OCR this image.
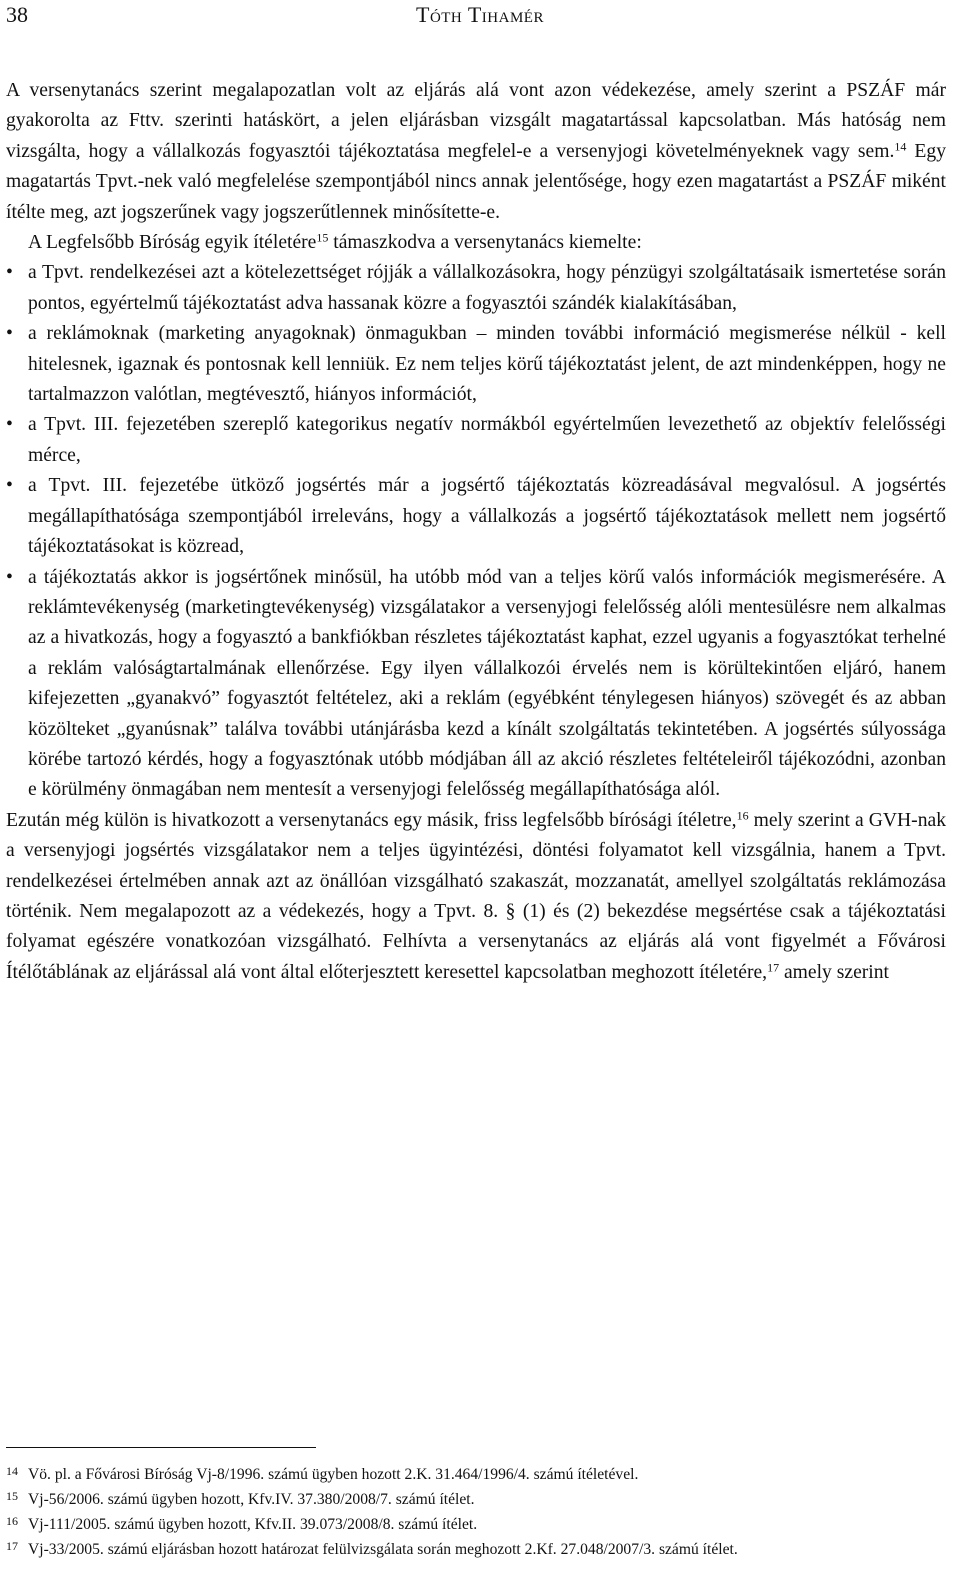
38	Tóth Tihamér

A versenytanács szerint megalapozatlan volt az eljárás alá vont azon védekezése, amely szerint a PSZÁF már gyakorolta az Fttv. szerinti hatáskört, a jelen eljárásban vizsgált magatartással kapcsolatban. Más hatóság nem vizsgálta, hogy a vállalkozás fogyasztói tájékoztatása megfelel-e a versenyjogi követelményeknek vagy sem.$^{14}$ Egy magatartás Tpvt.-nek való megfelelése szempontjából nincs annak jelentősége, hogy ezen magatartást a PSZÁF miként ítélte meg, azt jogszerűnek vagy jogszerűtlennek minősítette-e.

A Legfelsőbb Bíróság egyik ítéletére$^{15}$ támaszkodva a versenytanács kiemelte:

• a Tpvt. rendelkezései azt a kötelezettséget rójják a vállalkozásokra, hogy pénzügyi szolgáltatásaik ismertetése során pontos, egyértelmű tájékoztatást adva hassanak közre a fogyasztói szándék kialakításában,
• a reklámoknak (marketing anyagoknak) önmagukban – minden további információ megismerése nélkül - kell hitelesnek, igaznak és pontosnak kell lenniük. Ez nem teljes körű tájékoztatást jelent, de azt mindenképpen, hogy ne tartalmazzon valótlan, megtévesztő, hiányos információt,
• a Tpvt. III. fejezetében szereplő kategorikus negatív normákból egyértelműen levezethető az objektív felelősségi mérce,
• a Tpvt. III. fejezetébe ütköző jogsértés már a jogsértő tájékoztatás közreadásával megvalósul. A jogsértés megállapíthatósága szempontjából irreleváns, hogy a vállalkozás a jogsértő tájékoztatások mellett nem jogsértő tájékoztatásokat is közread,
• a tájékoztatás akkor is jogsértőnek minősül, ha utóbb mód van a teljes körű valós információk megismerésére. A reklámtevékenység (marketingtevékenység) vizsgálatakor a versenyjogi felelősség alóli mentesülésre nem alkalmas az a hivatkozás, hogy a fogyasztó a bankfiókban részletes tájékoztatást kaphat, ezzel ugyanis a fogyasztókat terhelné a reklám valóságtartalmának ellenőrzése. Egy ilyen vállalkozói érvelés nem is körültekintően eljáró, hanem kifejezetten „gyanakvó” fogyasztót feltételez, aki a reklám (egyébként ténylegesen hiányos) szövegét és az abban közölteket „gyanúsnak” találva további utánjárásba kezd a kínált szolgáltatás tekintetében. A jogsértés súlyossága körébe tartozó kérdés, hogy a fogyasztónak utóbb módjában áll az akció részletes feltételeiről tájékozódni, azonban e körülmény önmagában nem mentesít a versenyjogi felelősség megállapíthatósága alól.

Ezután még külön is hivatkozott a versenytanács egy másik, friss legfelsőbb bírósági ítéletre,$^{16}$ mely szerint a GVH-nak a versenyjogi jogsértés vizsgálatakor nem a teljes ügyintézési, döntési folyamatot kell vizsgálnia, hanem a Tpvt. rendelkezései értelmében annak azt az önállóan vizsgálható szakaszát, mozzanatát, amellyel szolgáltatás reklámozása történik. Nem megalapozott az a védekezés, hogy a Tpvt. 8. § (1) és (2) bekezdése megsértése csak a tájékoztatási folyamat egészére vonatkozóan vizsgálható. Felhívta a versenytanács az eljárás alá vont figyelmét a Fővárosi Ítélőtáblának az eljárással alá vont által előterjesztett keresettel kapcsolatban meghozott ítéletére,$^{17}$ amely szerint

14 Vö. pl. a Fővárosi Bíróság Vj-8/1996. számú ügyben hozott 2.K. 31.464/1996/4. számú ítéletével.
15 Vj-56/2006. számú ügyben hozott, Kfv.IV. 37.380/2008/7. számú ítélet.
16 Vj-111/2005. számú ügyben hozott, Kfv.II. 39.073/2008/8. számú ítélet.
17 Vj-33/2005. számú eljárásban hozott határozat felülvizsgálata során meghozott 2.Kf. 27.048/2007/3. számú ítélet.
